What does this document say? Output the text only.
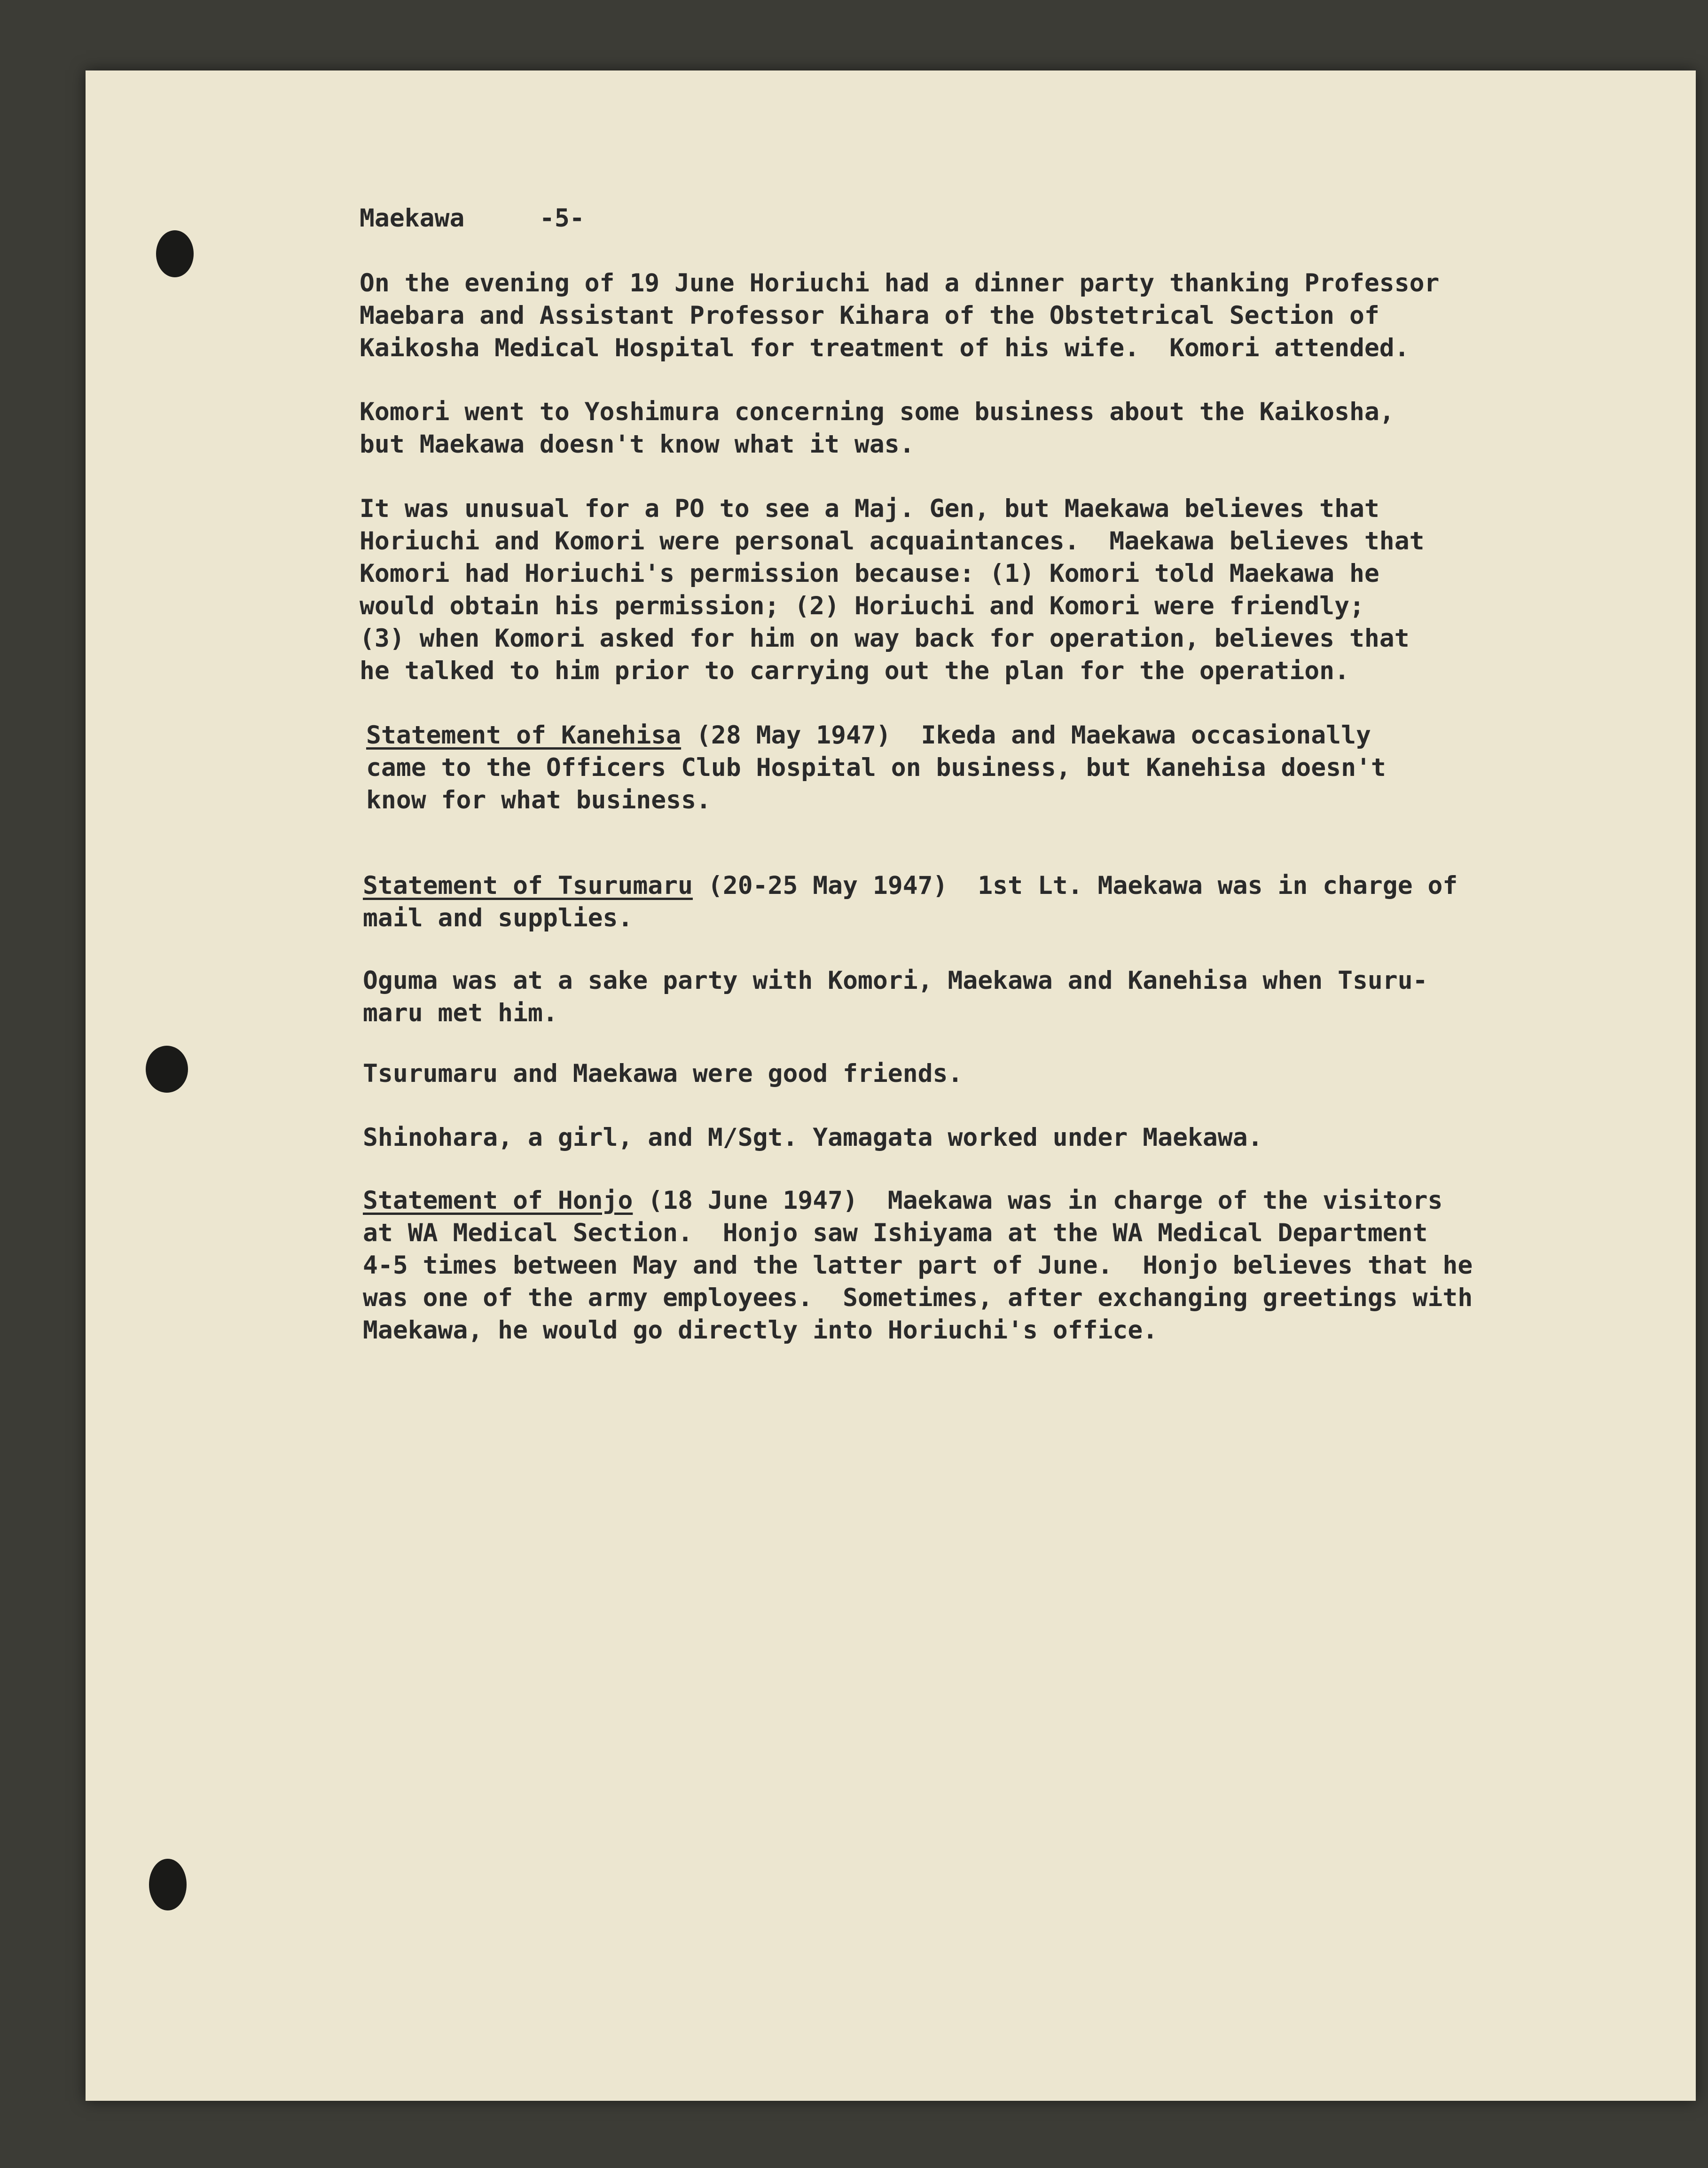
Maekawa	-5-
On the evening of 19 June Horiuchi had a dinner party thanking Professor
Maebara and Assistant Professor Kihara of the Obstetrical Section of
Kaikosha Medical Hospital for treatment of his wife.  Komori attended.
Komori went to Yoshimura concerning some business about the Kaikosha,
but Maekawa doesn't know what it was.
It was unusual for a PO to see a Maj. Gen, but Maekawa believes that
Horiuchi and Komori were personal acquaintances.  Maekawa believes that
Komori had Horiuchi's permission because: (1) Komori told Maekawa he
would obtain his permission; (2) Horiuchi and Komori were friendly;
(3) when Komori asked for him on way back for operation, believes that
he talked to him prior to carrying out the plan for the operation.
Statement of Kanehisa (28 May 1947)  Ikeda and Maekawa occasionally
came to the Officers Club Hospital on business, but Kanehisa doesn't
know for what business.
Statement of Tsurumaru (20-25 May 1947)  1st Lt. Maekawa was in charge of
mail and supplies.
Oguma was at a sake party with Komori, Maekawa and Kanehisa when Tsuru-
maru met him.
Tsurumaru and Maekawa were good friends.
Shinohara, a girl, and M/Sgt. Yamagata worked under Maekawa.
Statement of Honjo (18 June 1947)  Maekawa was in charge of the visitors
at WA Medical Section.  Honjo saw Ishiyama at the WA Medical Department
4-5 times between May and the latter part of June.  Honjo believes that he
was one of the army employees.  Sometimes, after exchanging greetings with
Maekawa, he would go directly into Horiuchi's office.
